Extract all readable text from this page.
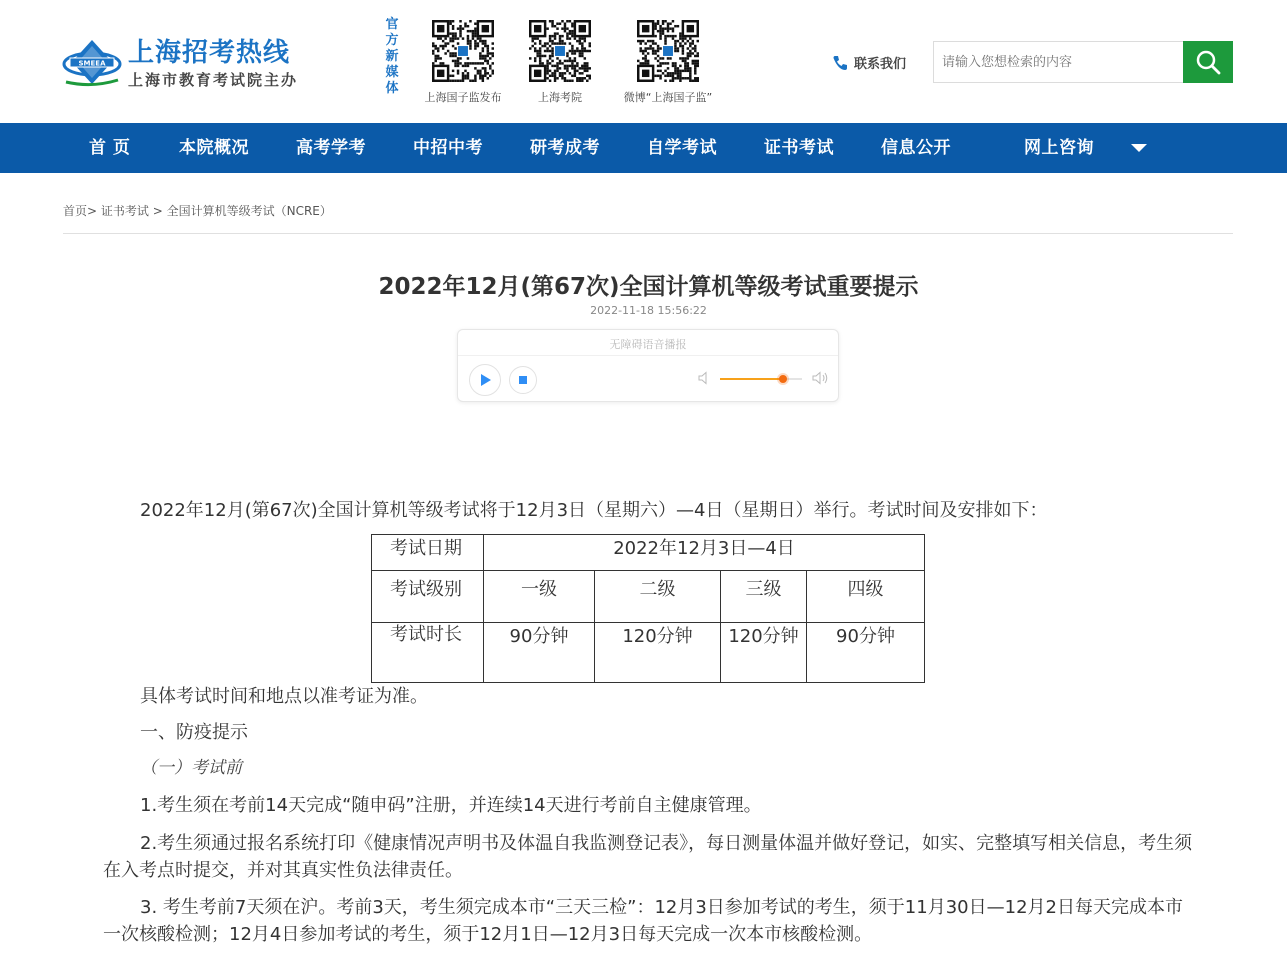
SMEEA 上海招考热线
上海市教育考试院主办
官方新媒体
上海国子监发布	上海考院	微博“上海国子监”
联系我们
请输入您想检索的内容
首 页	本院概况	高考学考	中招中考	研考成考	自学考试	证书考试	信息公开	网上咨询
首页> 证书考试 > 全国计算机等级考试（NCRE）
2022年12月(第67次)全国计算机等级考试重要提示
2022-11-18 15:56:22
无障碍语音播报
2022年12月(第67次)全国计算机等级考试将于12月3日（星期六）—4日（星期日）举行。考试时间及安排如下：
考试日期	2022年12月3日—4日			
考试级别	一级	二级	三级	四级
考试时长	90分钟	120分钟	120分钟	90分钟
具体考试时间和地点以准考证为准。
一、防疫提示
（一）考试前
1.考生须在考前14天完成“随申码”注册，并连续14天进行考前自主健康管理。
2.考生须通过报名系统打印《健康情况声明书及体温自我监测登记表》，每日测量体温并做好登记，如实、完整填写相关信息，考生须在入考点时提交，并对其真实性负法律责任。
3. 考生考前7天须在沪。考前3天，考生须完成本市“三天三检”：12月3日参加考试的考生，须于11月30日—12月2日每天完成本市一次核酸检测；12月4日参加考试的考生，须于12月1日—12月3日每天完成一次本市核酸检测。
